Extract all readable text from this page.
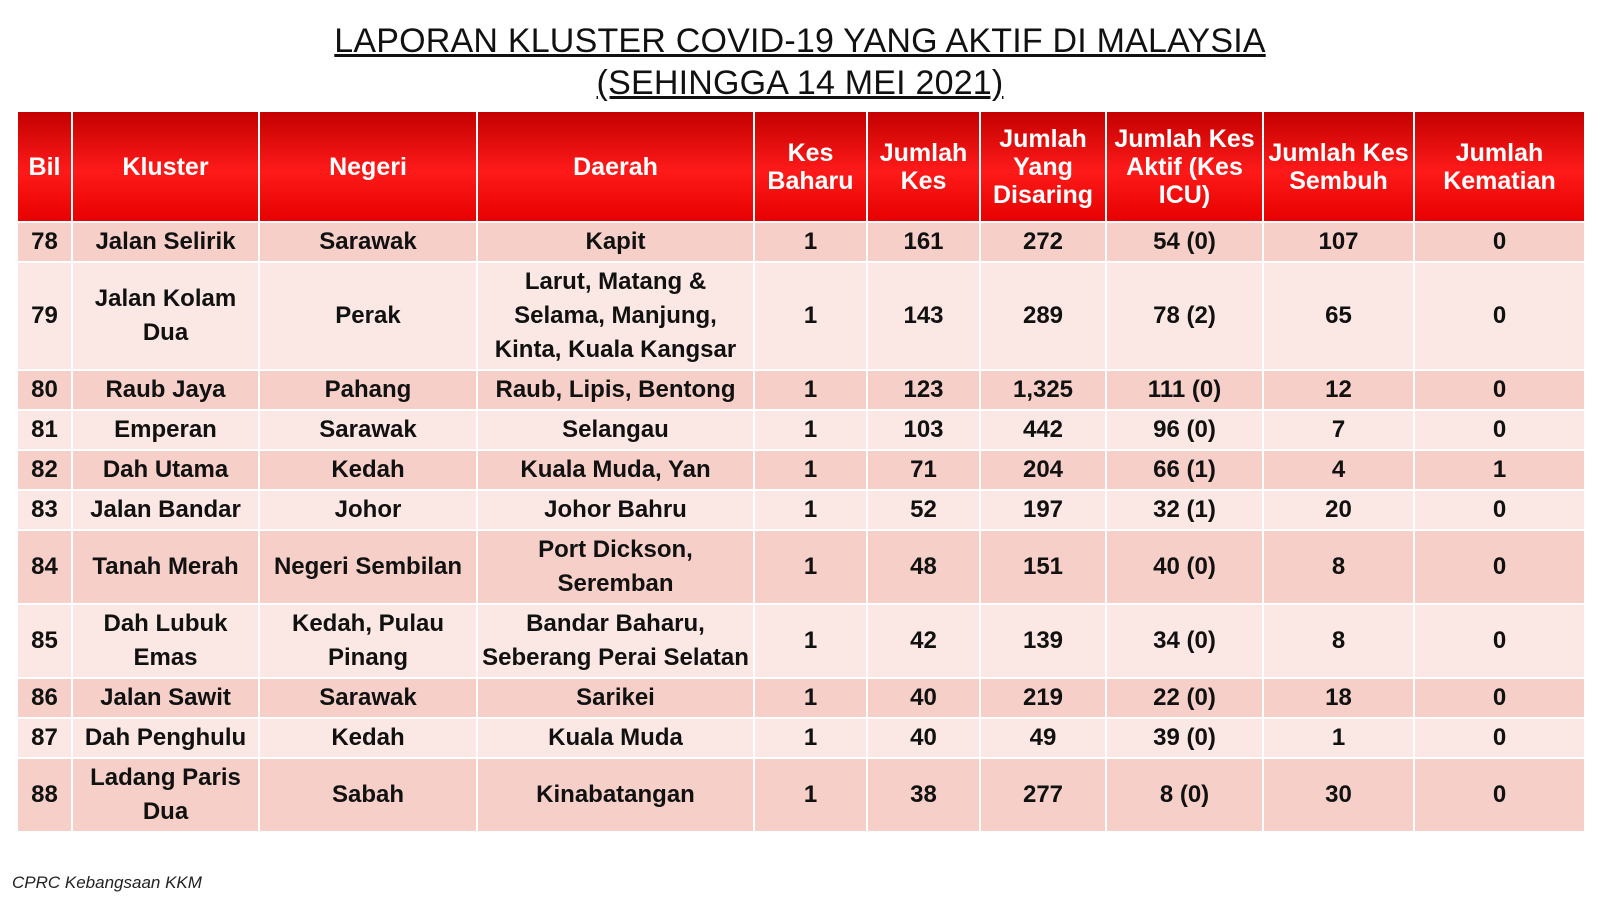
LAPORAN KLUSTER COVID-19 YANG AKTIF DI MALAYSIA
(SEHINGGA 14 MEI 2021)
Bil	Kluster	Negeri	Daerah	Kes Baharu	Jumlah Kes	Jumlah Yang Disaring	Jumlah Kes Aktif (Kes ICU)	Jumlah Kes Sembuh	Jumlah Kematian
78	Jalan Selirik	Sarawak	Kapit	1	161	272	54 (0)	107	0
79	Jalan Kolam Dua	Perak	Larut, Matang & Selama, Manjung, Kinta, Kuala Kangsar	1	143	289	78 (2)	65	0
80	Raub Jaya	Pahang	Raub, Lipis, Bentong	1	123	1,325	111 (0)	12	0
81	Emperan	Sarawak	Selangau	1	103	442	96 (0)	7	0
82	Dah Utama	Kedah	Kuala Muda, Yan	1	71	204	66 (1)	4	1
83	Jalan Bandar	Johor	Johor Bahru	1	52	197	32 (1)	20	0
84	Tanah Merah	Negeri Sembilan	Port Dickson, Seremban	1	48	151	40 (0)	8	0
85	Dah Lubuk Emas	Kedah, Pulau Pinang	Bandar Baharu, Seberang Perai Selatan	1	42	139	34 (0)	8	0
86	Jalan Sawit	Sarawak	Sarikei	1	40	219	22 (0)	18	0
87	Dah Penghulu	Kedah	Kuala Muda	1	40	49	39 (0)	1	0
88	Ladang Paris Dua	Sabah	Kinabatangan	1	38	277	8 (0)	30	0
CPRC Kebangsaan KKM
